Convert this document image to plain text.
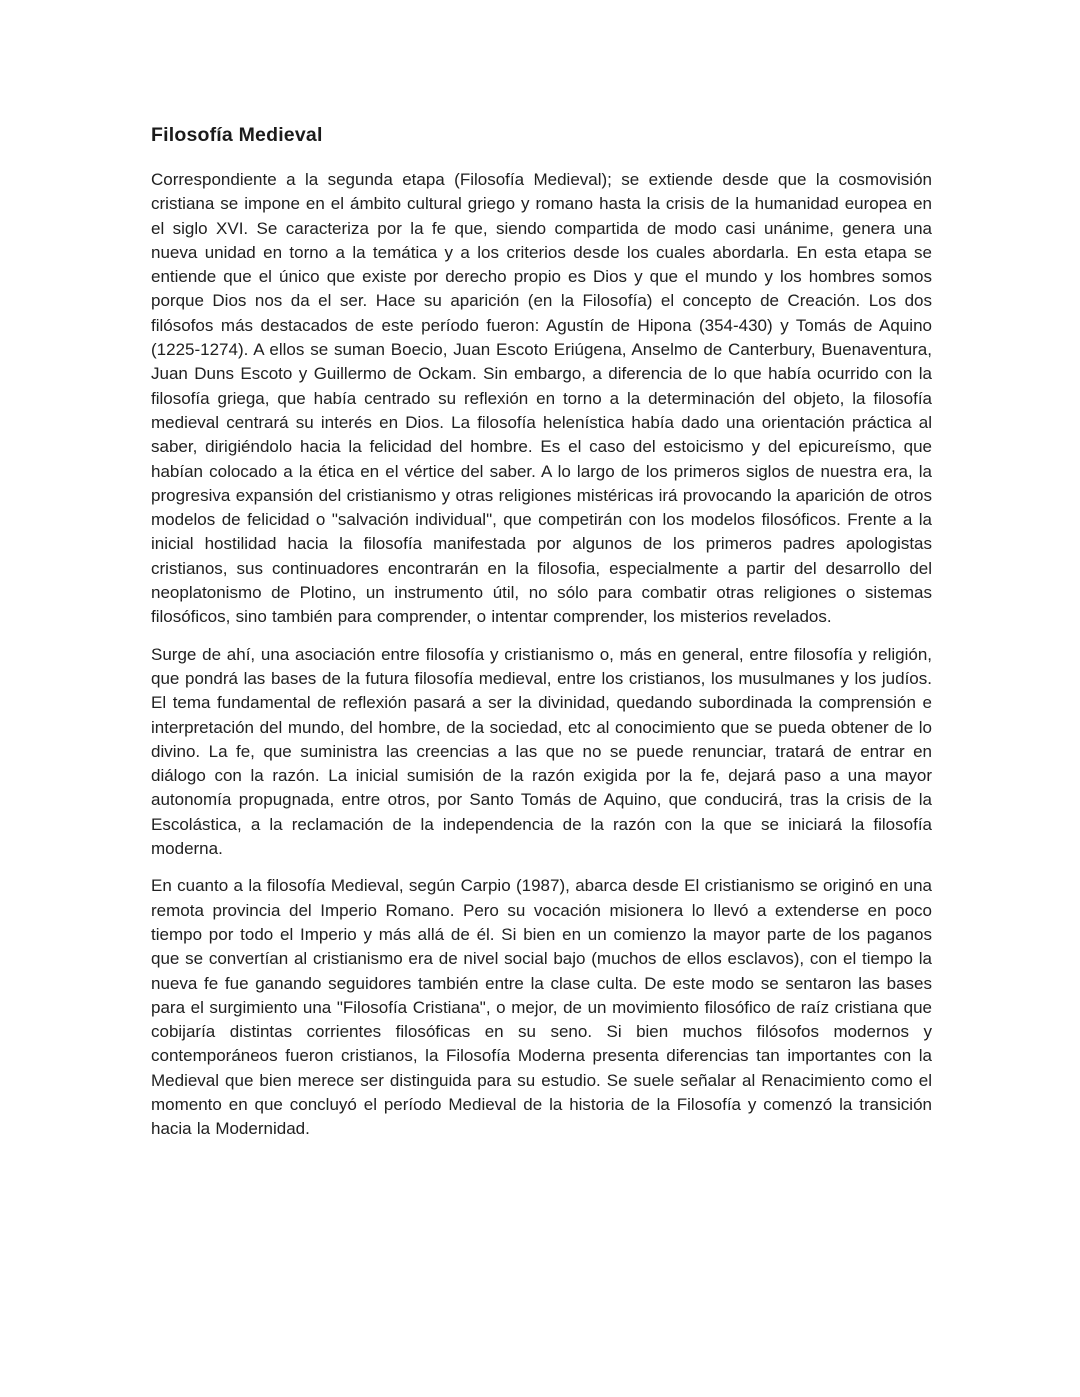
Filosofía Medieval

Correspondiente a la segunda etapa (Filosofía Medieval); se extiende desde que la cosmovisión cristiana se impone en el ámbito cultural griego y romano hasta la crisis de la humanidad europea en el siglo XVI. Se caracteriza por la fe que, siendo compartida de modo casi unánime, genera una nueva unidad en torno a la temática y a los criterios desde los cuales abordarla. En esta etapa se entiende que el único que existe por derecho propio es Dios y que el mundo y los hombres somos porque Dios nos da el ser. Hace su aparición (en la Filosofía) el concepto de Creación. Los dos filósofos más destacados de este período fueron: Agustín de Hipona (354-430) y Tomás de Aquino (1225-1274). A ellos se suman Boecio, Juan Escoto Eriúgena, Anselmo de Canterbury, Buenaventura, Juan Duns Escoto y Guillermo de Ockam. Sin embargo, a diferencia de lo que había ocurrido con la filosofía griega, que había centrado su reflexión en torno a la determinación del objeto, la filosofía medieval centrará su interés en Dios. La filosofía helenística había dado una orientación práctica al saber, dirigiéndolo hacia la felicidad del hombre. Es el caso del estoicismo y del epicureísmo, que habían colocado a la ética en el vértice del saber. A lo largo de los primeros siglos de nuestra era, la progresiva expansión del cristianismo y otras religiones mistéricas irá provocando la aparición de otros modelos de felicidad o "salvación individual", que competirán con los modelos filosóficos. Frente a la inicial hostilidad hacia la filosofía manifestada por algunos de los primeros padres apologistas cristianos, sus continuadores encontrarán en la filosofia, especialmente a partir del desarrollo del neoplatonismo de Plotino, un instrumento útil, no sólo para combatir otras religiones o sistemas filosóficos, sino también para comprender, o intentar comprender, los misterios revelados.

Surge de ahí, una asociación entre filosofía y cristianismo o, más en general, entre filosofía y religión, que pondrá las bases de la futura filosofía medieval, entre los cristianos, los musulmanes y los judíos. El tema fundamental de reflexión pasará a ser la divinidad, quedando subordinada la comprensión e interpretación del mundo, del hombre, de la sociedad, etc al conocimiento que se pueda obtener de lo divino. La fe, que suministra las creencias a las que no se puede renunciar, tratará de entrar en diálogo con la razón. La inicial sumisión de la razón exigida por la fe, dejará paso a una mayor autonomía propugnada, entre otros, por Santo Tomás de Aquino, que conducirá, tras la crisis de la Escolástica, a la reclamación de la independencia de la razón con la que se iniciará la filosofía moderna.

En cuanto a la filosofía Medieval, según Carpio (1987), abarca desde El cristianismo se originó en una remota provincia del Imperio Romano. Pero su vocación misionera lo llevó a extenderse en poco tiempo por todo el Imperio y más allá de él. Si bien en un comienzo la mayor parte de los paganos que se convertían al cristianismo era de nivel social bajo (muchos de ellos esclavos), con el tiempo la nueva fe fue ganando seguidores también entre la clase culta. De este modo se sentaron las bases para el surgimiento una "Filosofía Cristiana", o mejor, de un movimiento filosófico de raíz cristiana que cobijaría distintas corrientes filosóficas en su seno. Si bien muchos filósofos modernos y contemporáneos fueron cristianos, la Filosofía Moderna presenta diferencias tan importantes con la Medieval que bien merece ser distinguida para su estudio. Se suele señalar al Renacimiento como el momento en que concluyó el período Medieval de la historia de la Filosofía y comenzó la transición hacia la Modernidad.
